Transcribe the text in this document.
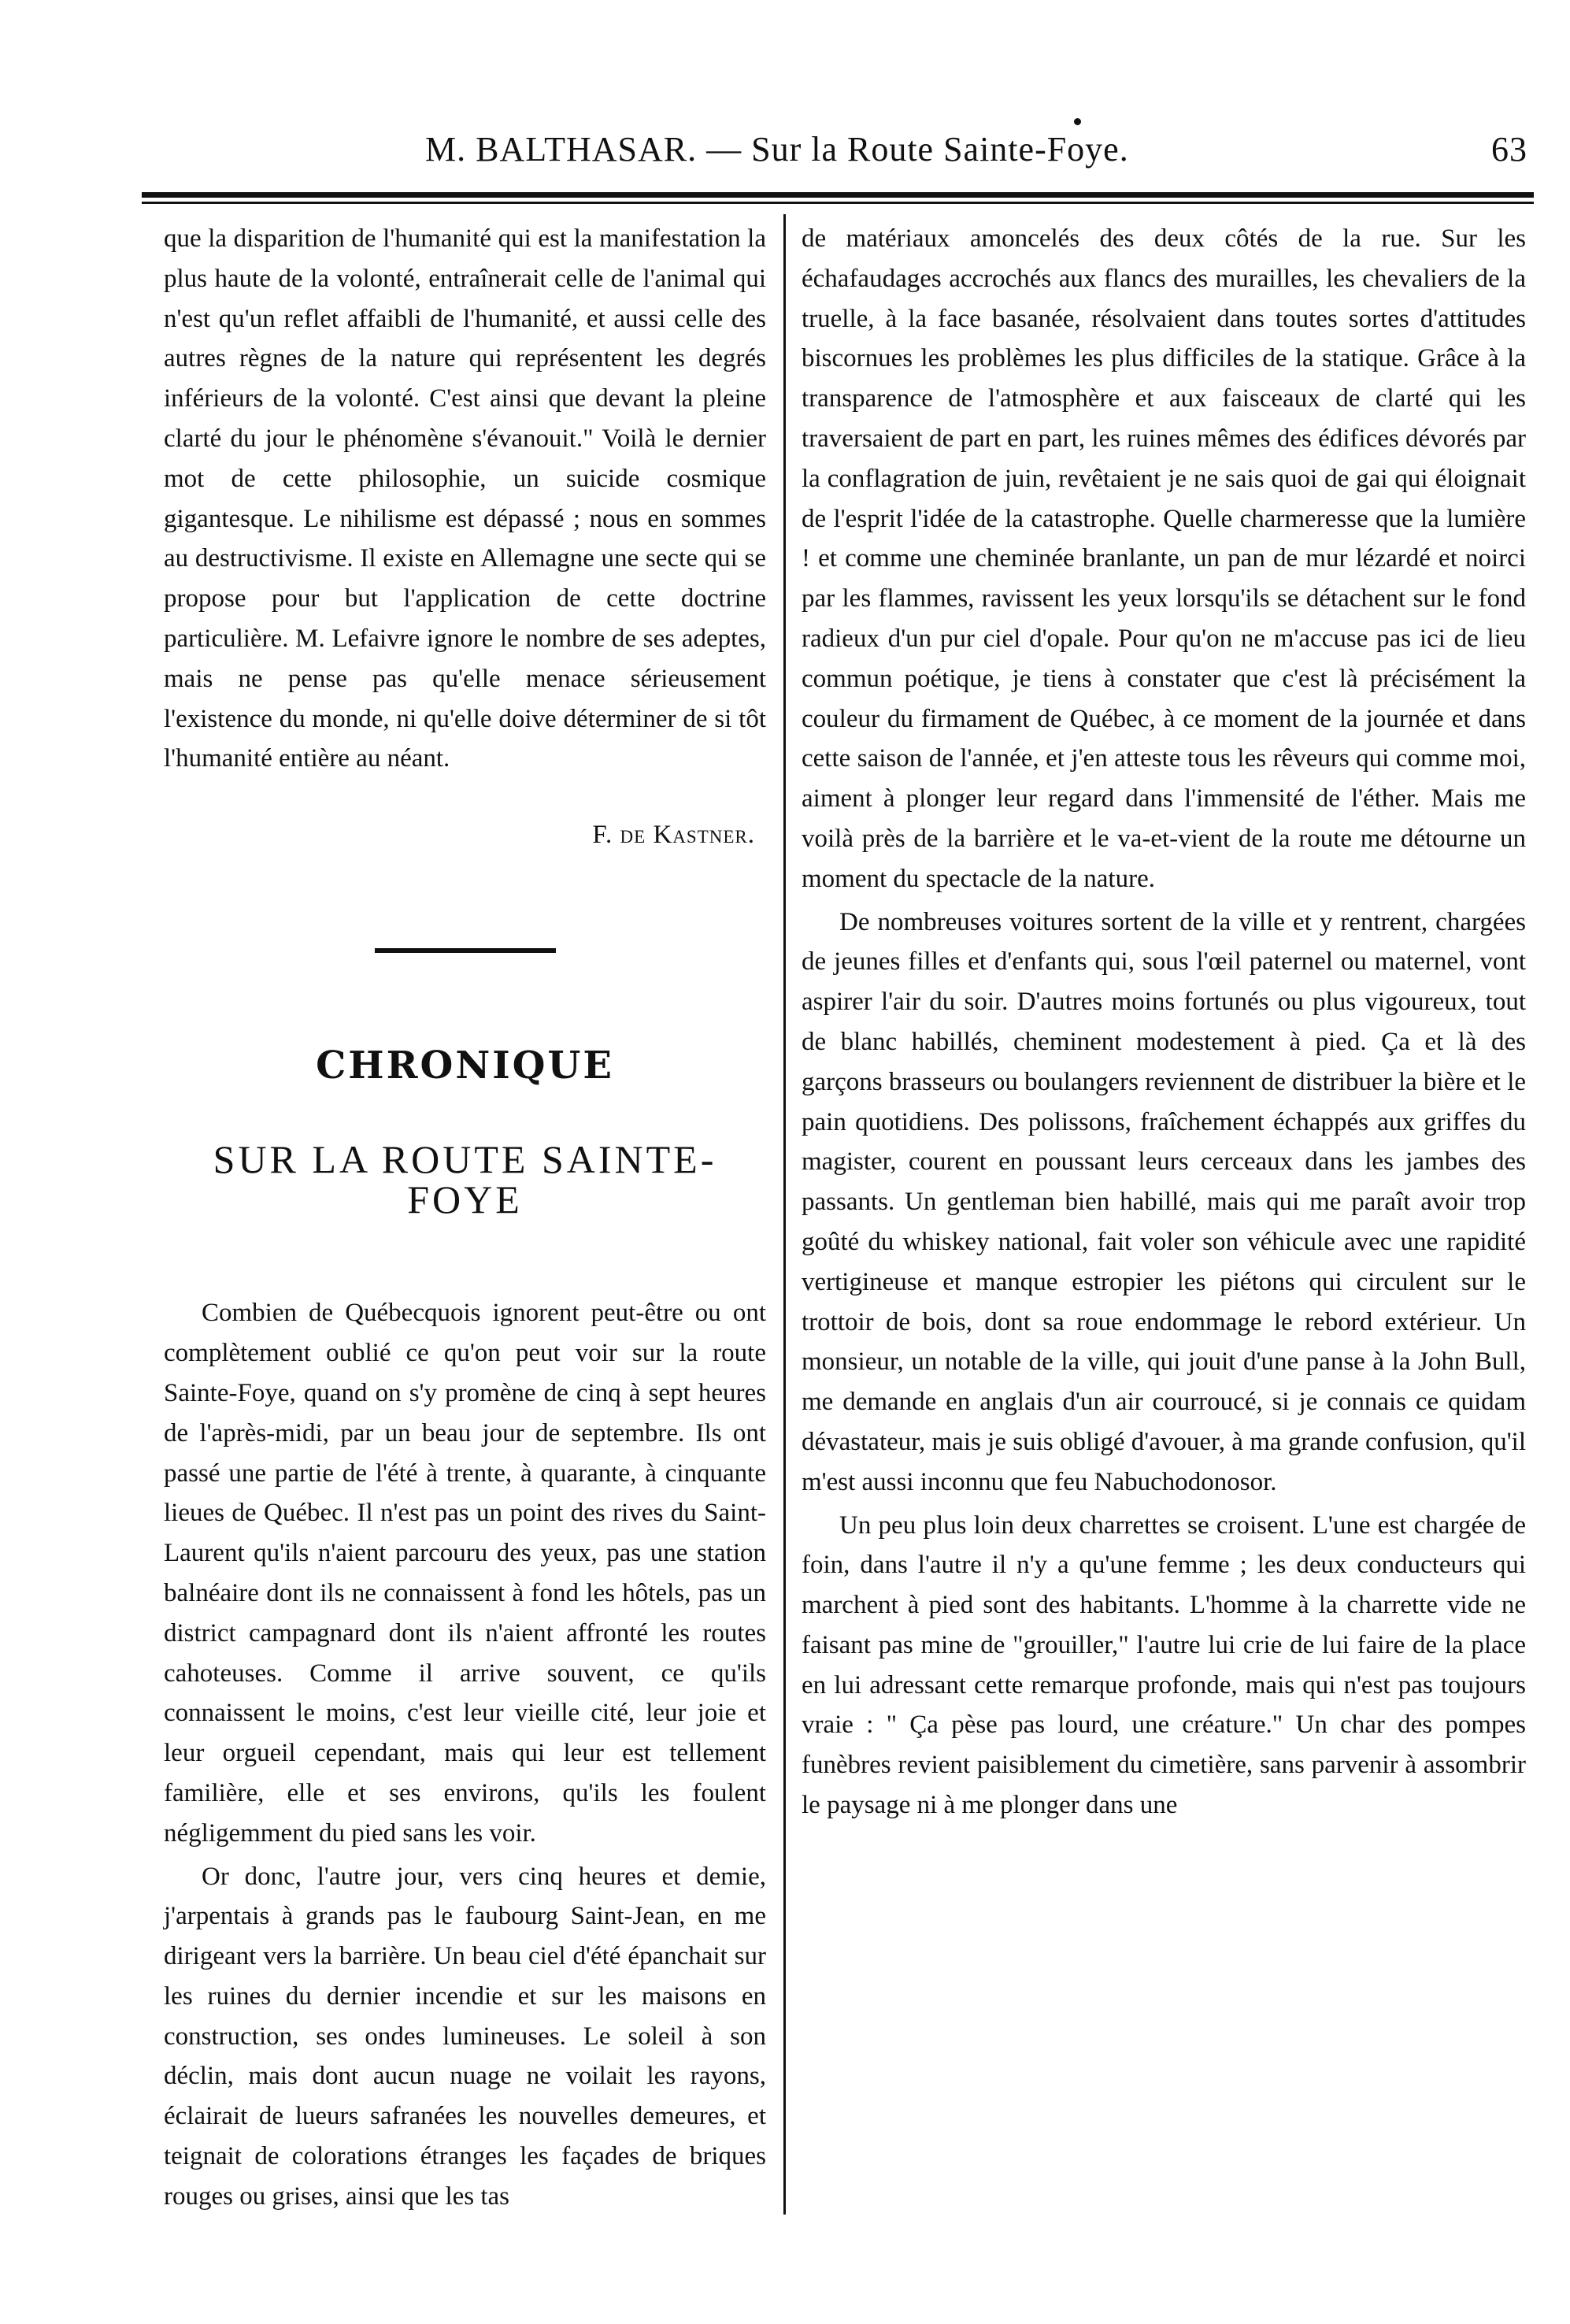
M. BALTHASAR. — Sur la Route Sainte-Foye.	63

que la disparition de l'humanité qui est la manifestation la plus haute de la volonté, entraînerait celle de l'animal qui n'est qu'un reflet affaibli de l'humanité, et aussi celle des autres règnes de la nature qui représentent les degrés inférieurs de la volonté. C'est ainsi que devant la pleine clarté du jour le phénomène s'évanouit." Voilà le dernier mot de cette philosophie, un suicide cosmique gigantesque. Le nihilisme est dépassé ; nous en sommes au destructivisme. Il existe en Allemagne une secte qui se propose pour but l'application de cette doctrine particulière. M. Lefaivre ignore le nombre de ses adeptes, mais ne pense pas qu'elle menace sérieusement l'existence du monde, ni qu'elle doive déterminer de si tôt l'humanité entière au néant.

F. de Kastner.

CHRONIQUE

SUR LA ROUTE SAINTE-FOYE

Combien de Québecquois ignorent peut-être ou ont complètement oublié ce qu'on peut voir sur la route Sainte-Foye, quand on s'y promène de cinq à sept heures de l'après-midi, par un beau jour de septembre. Ils ont passé une partie de l'été à trente, à quarante, à cinquante lieues de Québec. Il n'est pas un point des rives du Saint-Laurent qu'ils n'aient parcouru des yeux, pas une station balnéaire dont ils ne connaissent à fond les hôtels, pas un district campagnard dont ils n'aient affronté les routes cahoteuses. Comme il arrive souvent, ce qu'ils connaissent le moins, c'est leur vieille cité, leur joie et leur orgueil cependant, mais qui leur est tellement familière, elle et ses environs, qu'ils les foulent négligemment du pied sans les voir.

Or donc, l'autre jour, vers cinq heures et demie, j'arpentais à grands pas le faubourg Saint-Jean, en me dirigeant vers la barrière. Un beau ciel d'été épanchait sur les ruines du dernier incendie et sur les maisons en construction, ses ondes lumineuses. Le soleil à son déclin, mais dont aucun nuage ne voilait les rayons, éclairait de lueurs safranées les nouvelles demeures, et teignait de colorations étranges les façades de briques rouges ou grises, ainsi que les tas

de matériaux amoncelés des deux côtés de la rue. Sur les échafaudages accrochés aux flancs des murailles, les chevaliers de la truelle, à la face basanée, résolvaient dans toutes sortes d'attitudes biscornues les problèmes les plus difficiles de la statique. Grâce à la transparence de l'atmosphère et aux faisceaux de clarté qui les traversaient de part en part, les ruines mêmes des édifices dévorés par la conflagration de juin, revêtaient je ne sais quoi de gai qui éloignait de l'esprit l'idée de la catastrophe. Quelle charmeresse que la lumière ! et comme une cheminée branlante, un pan de mur lézardé et noirci par les flammes, ravissent les yeux lorsqu'ils se détachent sur le fond radieux d'un pur ciel d'opale. Pour qu'on ne m'accuse pas ici de lieu commun poétique, je tiens à constater que c'est là précisément la couleur du firmament de Québec, à ce moment de la journée et dans cette saison de l'année, et j'en atteste tous les rêveurs qui comme moi, aiment à plonger leur regard dans l'immensité de l'éther. Mais me voilà près de la barrière et le va-et-vient de la route me détourne un moment du spectacle de la nature.

De nombreuses voitures sortent de la ville et y rentrent, chargées de jeunes filles et d'enfants qui, sous l'œil paternel ou maternel, vont aspirer l'air du soir. D'autres moins fortunés ou plus vigoureux, tout de blanc habillés, cheminent modestement à pied. Ça et là des garçons brasseurs ou boulangers reviennent de distribuer la bière et le pain quotidiens. Des polissons, fraîchement échappés aux griffes du magister, courent en poussant leurs cerceaux dans les jambes des passants. Un gentleman bien habillé, mais qui me paraît avoir trop goûté du whiskey national, fait voler son véhicule avec une rapidité vertigineuse et manque estropier les piétons qui circulent sur le trottoir de bois, dont sa roue endommage le rebord extérieur. Un monsieur, un notable de la ville, qui jouit d'une panse à la John Bull, me demande en anglais d'un air courroucé, si je connais ce quidam dévastateur, mais je suis obligé d'avouer, à ma grande confusion, qu'il m'est aussi inconnu que feu Nabuchodonosor.

Un peu plus loin deux charrettes se croisent. L'une est chargée de foin, dans l'autre il n'y a qu'une femme ; les deux conducteurs qui marchent à pied sont des habitants. L'homme à la charrette vide ne faisant pas mine de "grouiller," l'autre lui crie de lui faire de la place en lui adressant cette remarque profonde, mais qui n'est pas toujours vraie : " Ça pèse pas lourd, une créature." Un char des pompes funèbres revient paisiblement du cimetière, sans parvenir à assombrir le paysage ni à me plonger dans une
